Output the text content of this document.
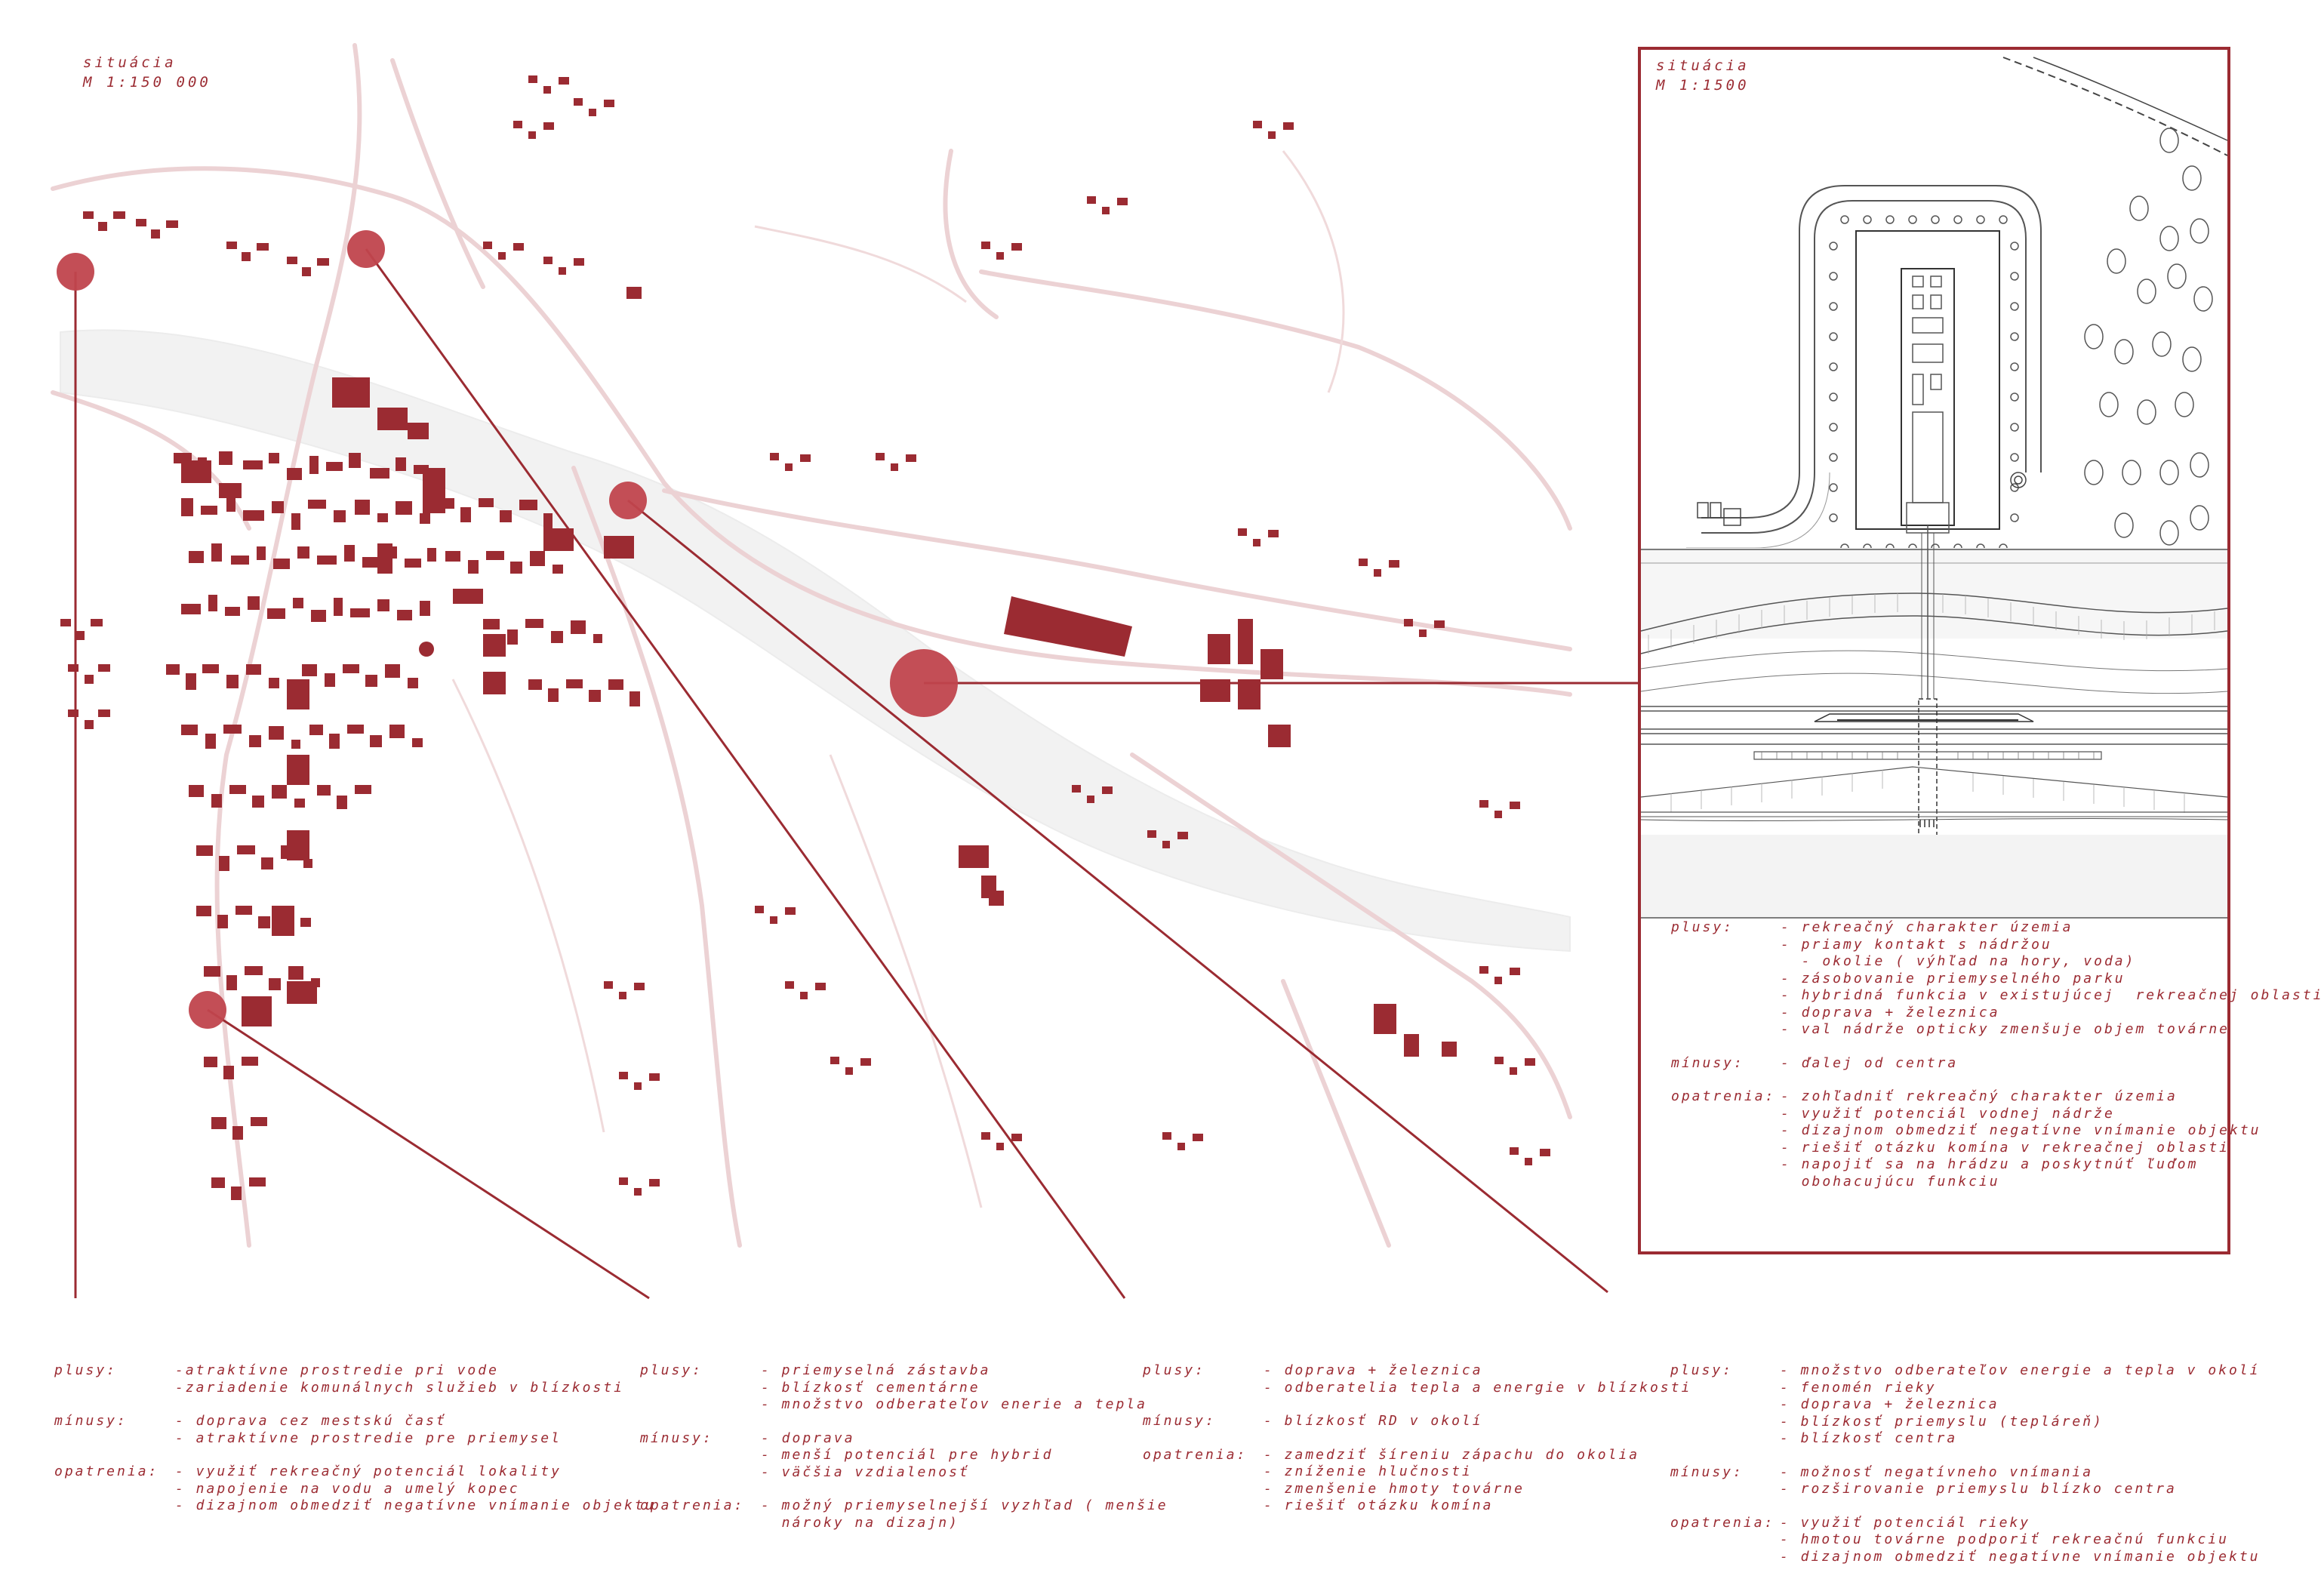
situácia
M 1:150 000
situácia
M 1:1500
plusy:	- rekreačný charakter územia
- priamy kontakt s nádržou
- okolie ( výhľad na hory, voda)
- zásobovanie priemyselného parku
- hybridná funkcia v existujúcej  rekreačnej oblasti
- doprava + železnica
- val nádrže opticky zmenšuje objem továrne
mínusy:	- ďalej od centra
opatrenia: - zohľadniť rekreačný charakter územia
- využiť potenciál vodnej nádrže
- dizajnom obmedziť negatívne vnímanie objektu
- riešiť otázku komína v rekreačnej oblasti
- napojiť sa na hrádzu a poskytnúť ľuďom
obohacujúcu funkciu
plusy:	-atraktívne prostredie pri vode
-zariadenie komunálnych služieb v blízkosti
mínusy:	- doprava cez mestskú časť
- atraktívne prostredie pre priemysel
opatrenia:	- využiť rekreačný potenciál lokality
- napojenie na vodu a umelý kopec
- dizajnom obmedziť negatívne vnímanie objektu
plusy:	- priemyselná zástavba
- blízkosť cementárne
- množstvo odberateľov enerie a tepla
mínusy:	- doprava
- menší potenciál pre hybrid
- väčšia vzdialenosť
opatrenia:	- možný priemyselnejší vyzhľad ( menšie
nároky na dizajn)
plusy:	- doprava + železnica
- odberatelia tepla a energie v blízkosti
mínusy:	- blízkosť RD v okolí
opatrenia:	- zamedziť šíreniu zápachu do okolia
- zníženie hlučnosti
- zmenšenie hmoty továrne
- riešiť otázku komína
plusy:	- množstvo odberateľov energie a tepla v okolí
- fenomén rieky
- doprava + železnica
- blízkosť priemyslu (tepláreň)
- blízkosť centra
mínusy:	- možnosť negatívneho vnímania
- rozširovanie priemyslu blízko centra
opatrenia: - využiť potenciál rieky
- hmotou továrne podporiť rekreačnú funkciu
- dizajnom obmedziť negatívne vnímanie objektu
